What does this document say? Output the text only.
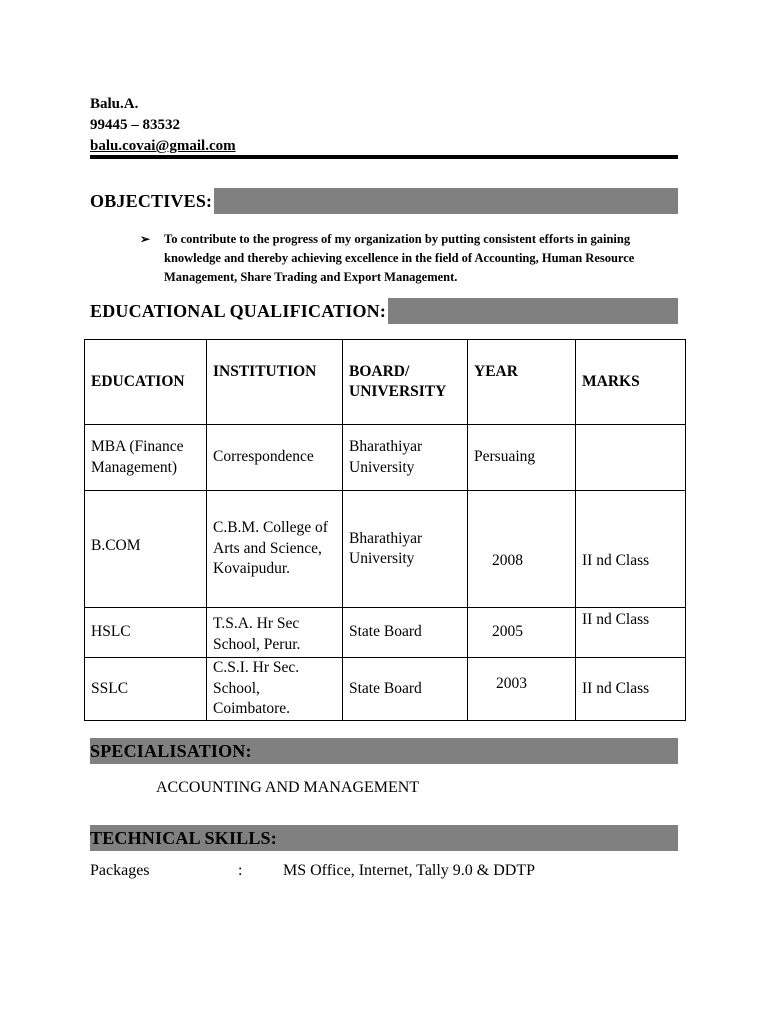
Balu.A.
99445 – 83532
balu.covai@gmail.com
OBJECTIVES:
➢	To contribute to the progress of my organization by putting consistent efforts in gaining knowledge and thereby achieving excellence in the field of Accounting, Human Resource Management, Share Trading and Export Management.
EDUCATIONAL QUALIFICATION:
EDUCATION	INSTITUTION	BOARD/ UNIVERSITY	YEAR	MARKS
MBA (Finance Management)	Correspondence	Bharathiyar University	Persuaing	
B.COM	C.B.M. College of Arts and Science, Kovaipudur.	Bharathiyar University	2008	II nd Class
HSLC	T.S.A. Hr Sec School, Perur.	State Board	2005	II nd Class
SSLC	C.S.I. Hr Sec. School, Coimbatore.	State Board	2003	II nd Class
SPECIALISATION:
ACCOUNTING AND MANAGEMENT
TECHNICAL SKILLS:
Packages	:	MS Office, Internet, Tally 9.0 & DDTP
